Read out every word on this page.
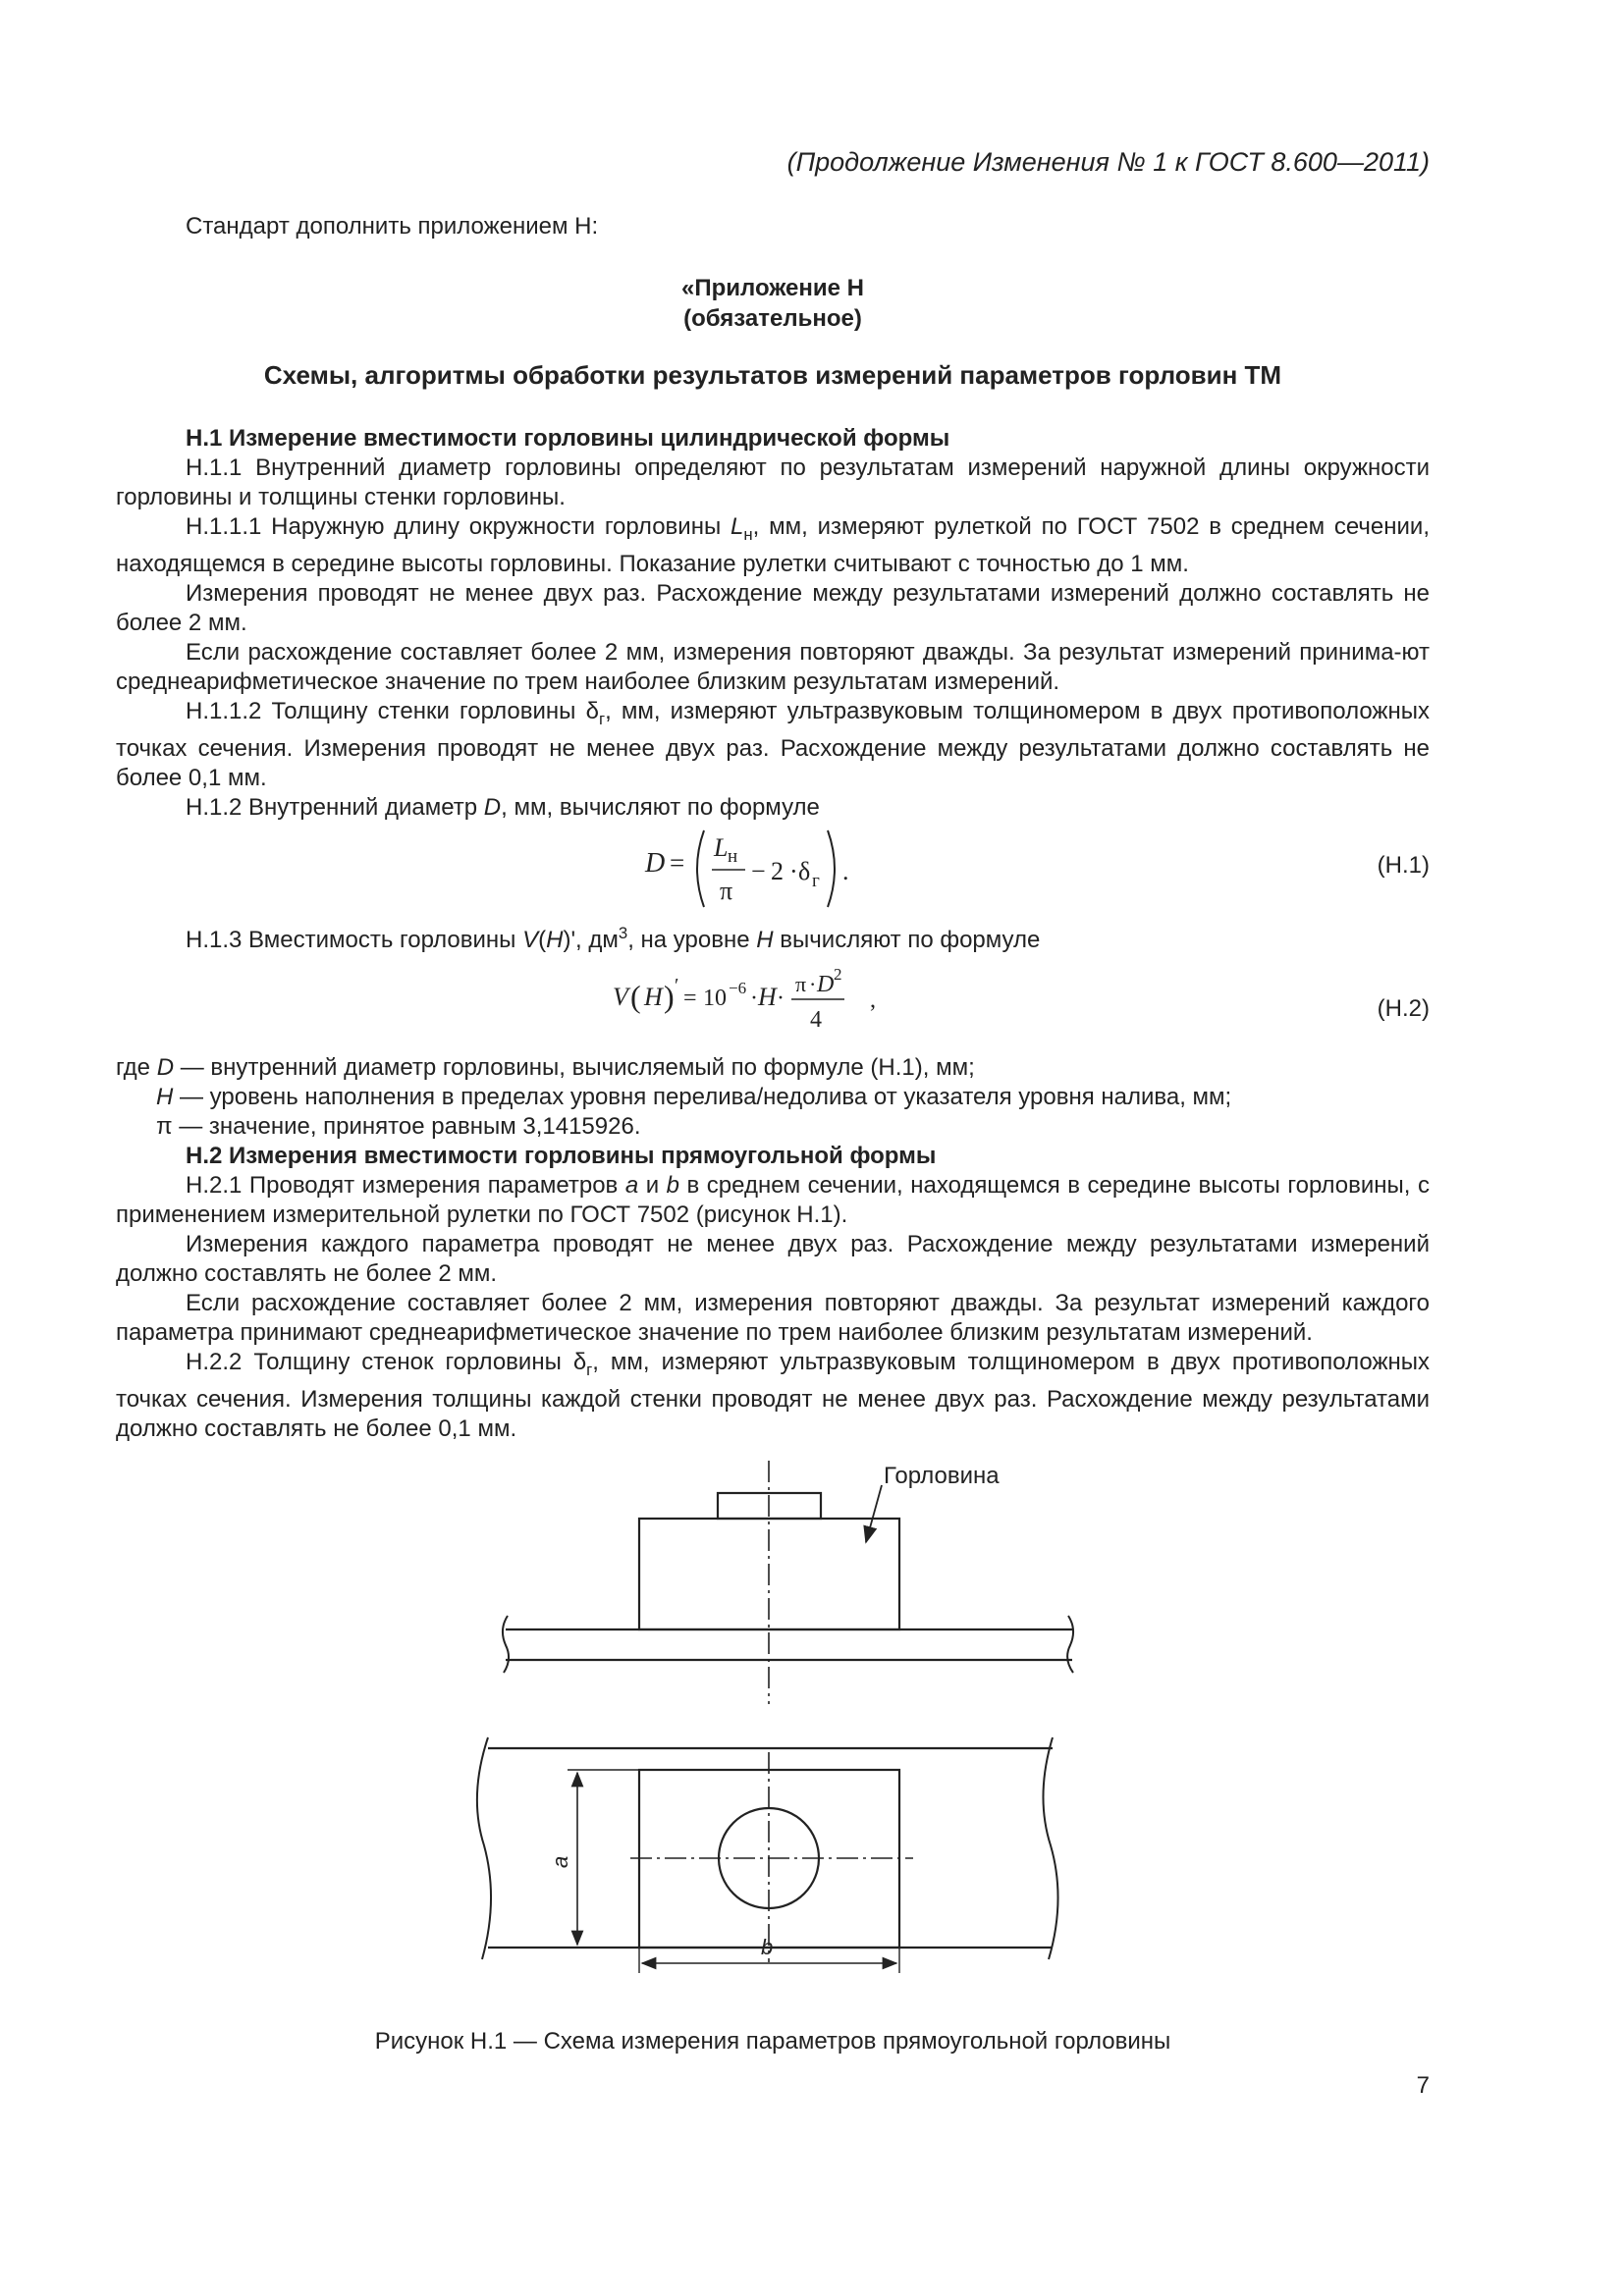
(Продолжение Изменения № 1 к ГОСТ 8.600—2011)

Стандарт дополнить приложением Н:

«Приложение Н
(обязательное)
Схемы, алгоритмы обработки результатов измерений параметров горловин ТМ

Н.1 Измерение вместимости горловины цилиндрической формы

Н.1.1 Внутренний диаметр горловины определяют по результатам измерений наружной длины окружности горловины и толщины стенки горловины.

Н.1.1.1 Наружную длину окружности горловины $L_н$, мм, измеряют рулеткой по ГОСТ 7502 в среднем сечении, находящемся в середине высоты горловины. Показание рулетки считывают с точностью до 1 мм.

Измерения проводят не менее двух раз. Расхождение между результатами измерений должно составлять не более 2 мм.

Если расхождение составляет более 2 мм, измерения повторяют дважды. За результат измерений принима-ют среднеарифметическое значение по трем наиболее близким результатам измерений.

Н.1.1.2 Толщину стенки горловины $\delta_г$, мм, измеряют ультразвуковым толщиномером в двух противоположных точках сечения. Измерения проводят не менее двух раз. Расхождение между результатами должно составлять не более 0,1 мм.

Н.1.2 Внутренний диаметр D, мм, вычисляют по формуле

D =
L н
π
− 2 · δ г .	(Н.1)

Н.1.3 Вместимость горловины V(H)', $дм^3$, на уровне H вычисляют по формуле

V ( H ) ′ = 10 −6 · H ·
π · D 2
4
,	(Н.2)
где D — внутренний диаметр горловины, вычисляемый по формуле (Н.1), мм;
H — уровень наполнения в пределах уровня перелива/недолива от указателя уровня налива, мм;
π — значение, принятое равным 3,1415926.

Н.2 Измерения вместимости горловины прямоугольной формы

Н.2.1 Проводят измерения параметров a и b в среднем сечении, находящемся в середине высоты горловины, с применением измерительной рулетки по ГОСТ 7502 (рисунок Н.1).

Измерения каждого параметра проводят не менее двух раз. Расхождение между результатами измерений должно составлять не более 2 мм.

Если расхождение составляет более 2 мм, измерения повторяют дважды. За результат измерений каждого параметра принимают среднеарифметическое значение по трем наиболее близким результатам измерений.

Н.2.2 Толщину стенок горловины $\delta_г$, мм, измеряют ультразвуковым толщиномером в двух противоположных точках сечения. Измерения толщины каждой стенки проводят не менее двух раз. Расхождение между результатами должно составлять не более 0,1 мм.

Горловина
a
b
Рисунок Н.1 — Схема измерения параметров прямоугольной горловины
7
